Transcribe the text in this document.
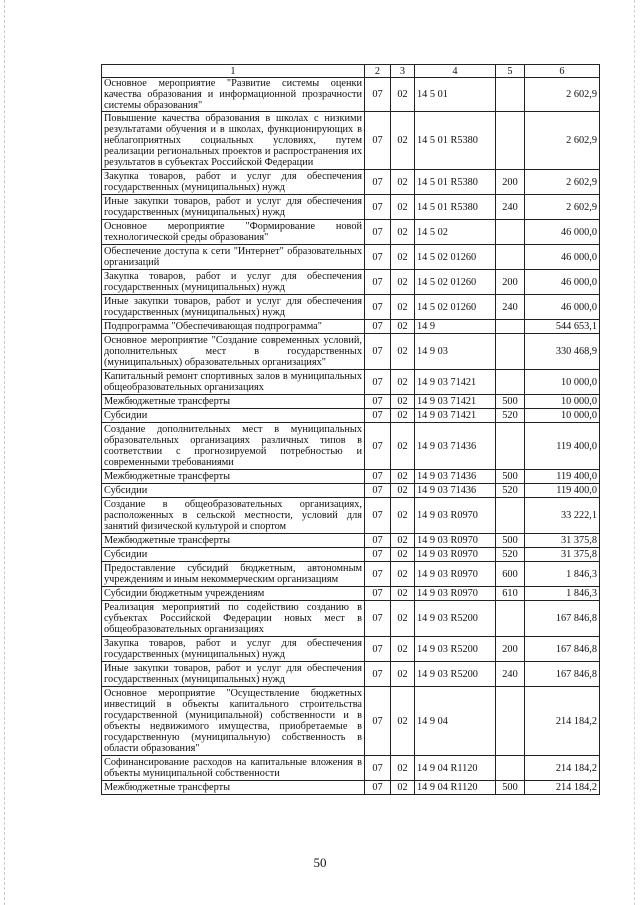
1	2	3	4	5	6
Основное мероприятие "Развитие системы оценки качества образования и информационной прозрачности системы образования"	07	02	14 5 01		2 602,9
Повышение качества образования в школах с низкими результатами обучения и в школах, функционирующих в неблагоприятных социальных условиях, путем реализации региональных проектов и распространения их результатов в субъектах Российской Федерации	07	02	14 5 01 R5380		2 602,9
Закупка товаров, работ и услуг для обеспечения государственных (муниципальных) нужд	07	02	14 5 01 R5380	200	2 602,9
Иные закупки товаров, работ и услуг для обеспечения государственных (муниципальных) нужд	07	02	14 5 01 R5380	240	2 602,9
Основное мероприятие "Формирование новой технологической среды образования"	07	02	14 5 02		46 000,0
Обеспечение доступа к сети "Интернет" образовательных организаций	07	02	14 5 02 01260		46 000,0
Закупка товаров, работ и услуг для обеспечения государственных (муниципальных) нужд	07	02	14 5 02 01260	200	46 000,0
Иные закупки товаров, работ и услуг для обеспечения государственных (муниципальных) нужд	07	02	14 5 02 01260	240	46 000,0
Подпрограмма "Обеспечивающая подпрограмма"	07	02	14 9		544 653,1
Основное мероприятие "Создание современных условий, дополнительных мест в государственных (муниципальных) образовательных организациях"	07	02	14 9 03		330 468,9
Капитальный ремонт спортивных залов в муниципальных общеобразовательных организациях	07	02	14 9 03 71421		10 000,0
Межбюджетные трансферты	07	02	14 9 03 71421	500	10 000,0
Субсидии	07	02	14 9 03 71421	520	10 000,0
Создание дополнительных мест в муниципальных образовательных организациях различных типов в соответствии с прогнозируемой потребностью и современными требованиями	07	02	14 9 03 71436		119 400,0
Межбюджетные трансферты	07	02	14 9 03 71436	500	119 400,0
Субсидии	07	02	14 9 03 71436	520	119 400,0
Создание в общеобразовательных организациях, расположенных в сельской местности, условий для занятий физической культурой и спортом	07	02	14 9 03 R0970		33 222,1
Межбюджетные трансферты	07	02	14 9 03 R0970	500	31 375,8
Субсидии	07	02	14 9 03 R0970	520	31 375,8
Предоставление субсидий бюджетным, автономным учреждениям и иным некоммерческим организациям	07	02	14 9 03 R0970	600	1 846,3
Субсидии бюджетным учреждениям	07	02	14 9 03 R0970	610	1 846,3
Реализация мероприятий по содействию созданию в субъектах Российской Федерации новых мест в общеобразовательных организациях	07	02	14 9 03 R5200		167 846,8
Закупка товаров, работ и услуг для обеспечения государственных (муниципальных) нужд	07	02	14 9 03 R5200	200	167 846,8
Иные закупки товаров, работ и услуг для обеспечения государственных (муниципальных) нужд	07	02	14 9 03 R5200	240	167 846,8
Основное мероприятие "Осуществление бюджетных инвестиций в объекты капитального строительства государственной (муниципальной) собственности и в объекты недвижимого имущества, приобретаемые в государственную (муниципальную) собственность в области образования"	07	02	14 9 04		214 184,2
Софинансирование расходов на капитальные вложения в объекты муниципальной собственности	07	02	14 9 04 R1120		214 184,2
Межбюджетные трансферты	07	02	14 9 04 R1120	500	214 184,2
50
